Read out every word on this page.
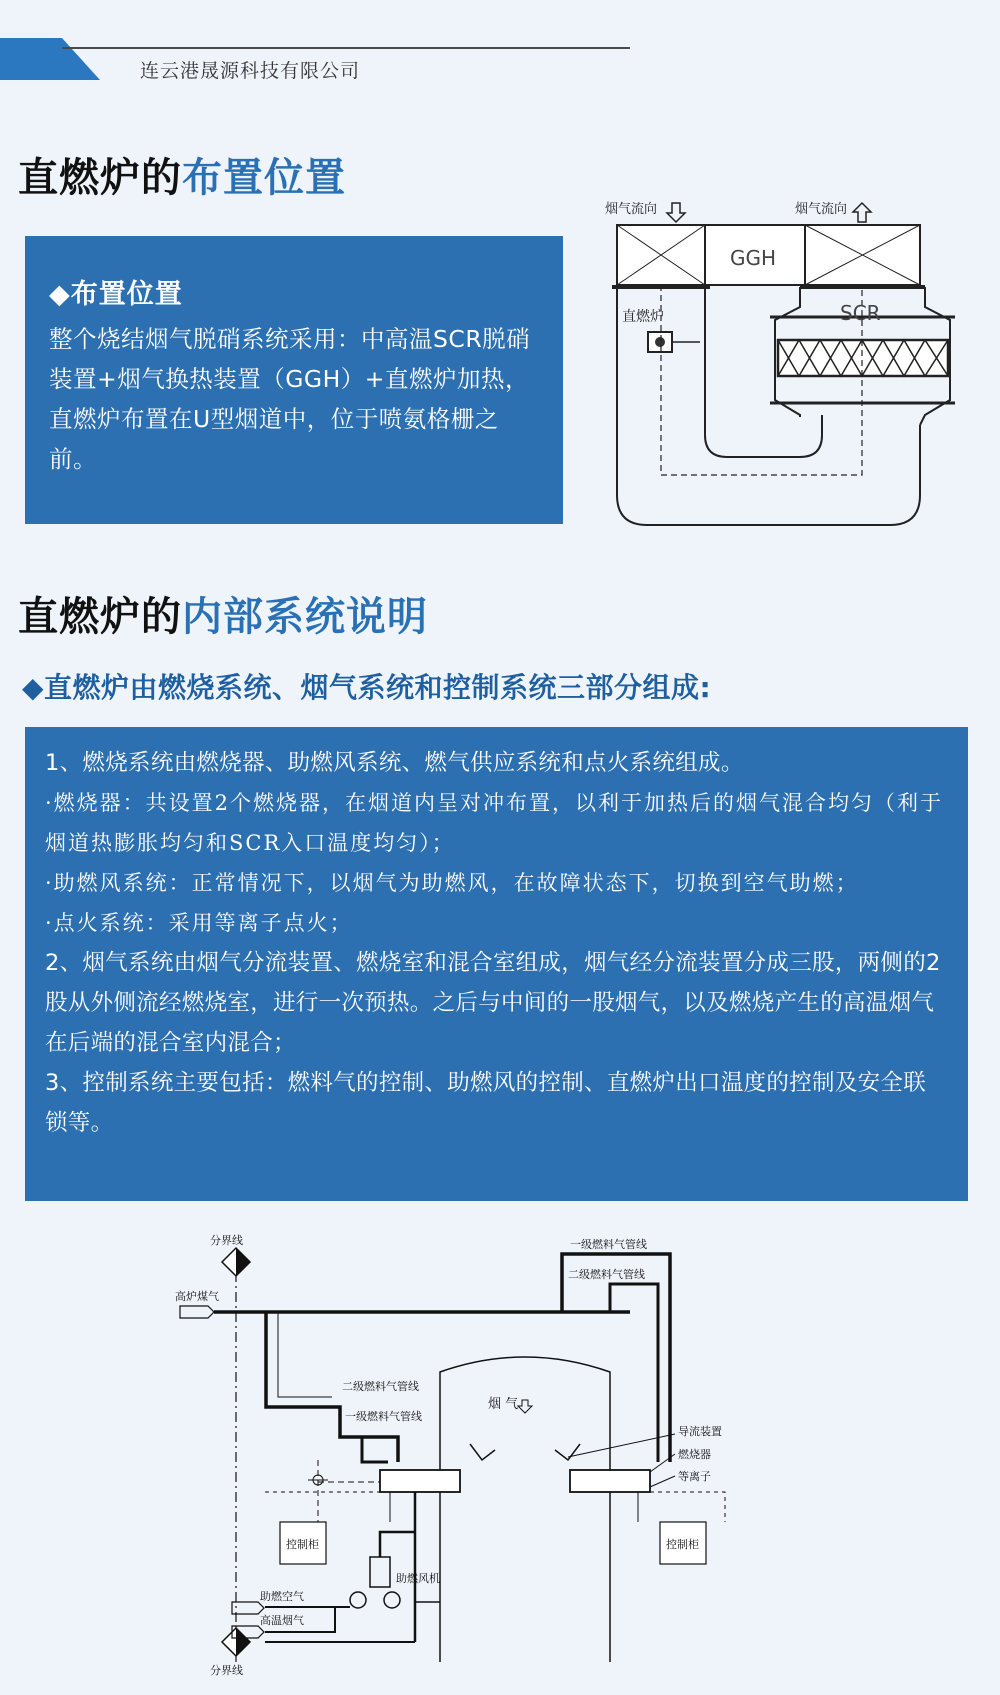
连云港晟源科技有限公司
直燃炉的布置位置
◆布置位置
整个烧结烟气脱硝系统采用：中高温SCR脱硝装置+烟气换热装置（GGH）+直燃炉加热，直燃炉布置在U型烟道中，位于喷氨格栅之前。
烟气流向	烟气流向
GGH
SCR
直燃炉
直燃炉的内部系统说明
◆直燃炉由燃烧系统、烟气系统和控制系统三部分组成:

1、燃烧系统由燃烧器、助燃风系统、燃气供应系统和点火系统组成。

·燃烧器：共设置2个燃烧器，在烟道内呈对冲布置，以利于加热后的烟气混合均匀（利于烟道热膨胀均匀和SCR入口温度均匀）；

·助燃风系统：正常情况下，以烟气为助燃风，在故障状态下，切换到空气助燃；

·点火系统：采用等离子点火；

2、烟气系统由烟气分流装置、燃烧室和混合室组成，烟气经分流装置分成三股，两侧的2股从外侧流经燃烧室，进行一次预热。之后与中间的一股烟气，以及燃烧产生的高温烟气在后端的混合室内混合；

3、控制系统主要包括：燃料气的控制、助燃风的控制、直燃炉出口温度的控制及安全联锁等。

分界线
高炉煤气
一级燃料气管线
二级燃料气管线
二级燃料气管线
一级燃料气管线
烟 气
导流装置
燃烧器
等离子
控制柜	控制柜
助燃空气
高温烟气
助燃风机
分界线
